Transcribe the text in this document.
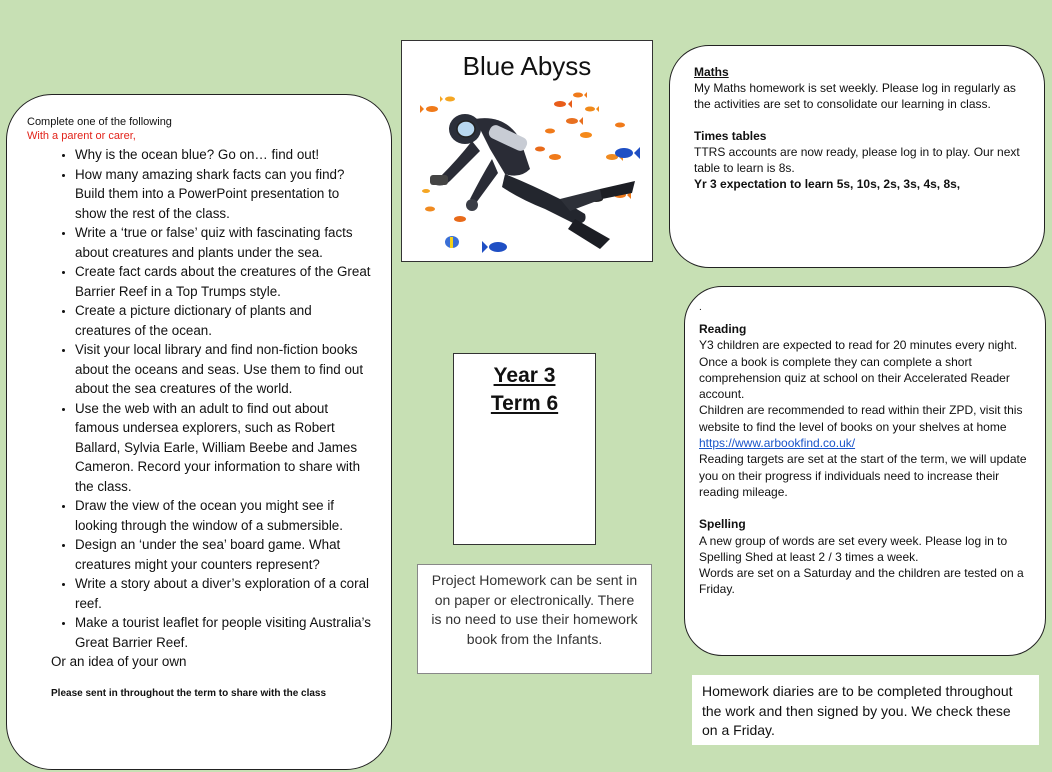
Complete one of the following

With a parent or carer,

• Why is the ocean blue? Go on… find out!
• How many amazing shark facts can you find? Build them into a PowerPoint presentation to show the rest of the class.
• Write a ‘true or false’ quiz with fascinating facts about creatures and plants under the sea.
• Create fact cards about the creatures of the Great Barrier Reef in a Top Trumps style.
• Create a picture dictionary of plants and creatures of the ocean.
• Visit your local library and find non-fiction books about the oceans and seas. Use them to find out about the sea creatures of the world.
• Use the web with an adult to find out about famous undersea explorers, such as Robert Ballard, Sylvia Earle, William Beebe and James Cameron. Record your information to share with the class.
• Draw the view of the ocean you might see if looking through the window of a submersible.
• Design an ‘under the sea’ board game. What creatures might your counters represent?
• Write a story about a diver’s exploration of a coral reef.
• Make a tourist leaflet for people visiting Australia’s Great Barrier Reef.

Or an idea of your own

Please sent in throughout the term to share with the class

Blue Abyss	Maths

My Maths homework is set weekly. Please log in regularly as the activities are set to consolidate our learning in class.

Times tables

TTRS accounts are now ready, please log in to play. Our next table to learn is 8s.

Yr 3 expectation to learn 5s, 10s, 2s, 3s, 4s, 8s,

.

Reading

Y3 children are expected to read for 20 minutes every night. Once a book is complete they can complete a short comprehension quiz at school on their Accelerated Reader account.

Children are recommended to read within their ZPD, visit this website to find the level of books on your shelves at home https://www.arbookfind.co.uk/

Reading targets are set at the start of the term, we will update you on their progress if individuals need to increase their reading mileage.

Spelling

A new group of words are set every week. Please log in to Spelling Shed at least 2 / 3 times a week.

Words are set on a Saturday and the children are tested on a Friday.

Year 3
Term 6
Project Homework can be sent in on paper or electronically. There is no need to use their homework book from the Infants.
Homework diaries are to be completed throughout the work and then signed by you. We check these on a Friday.
